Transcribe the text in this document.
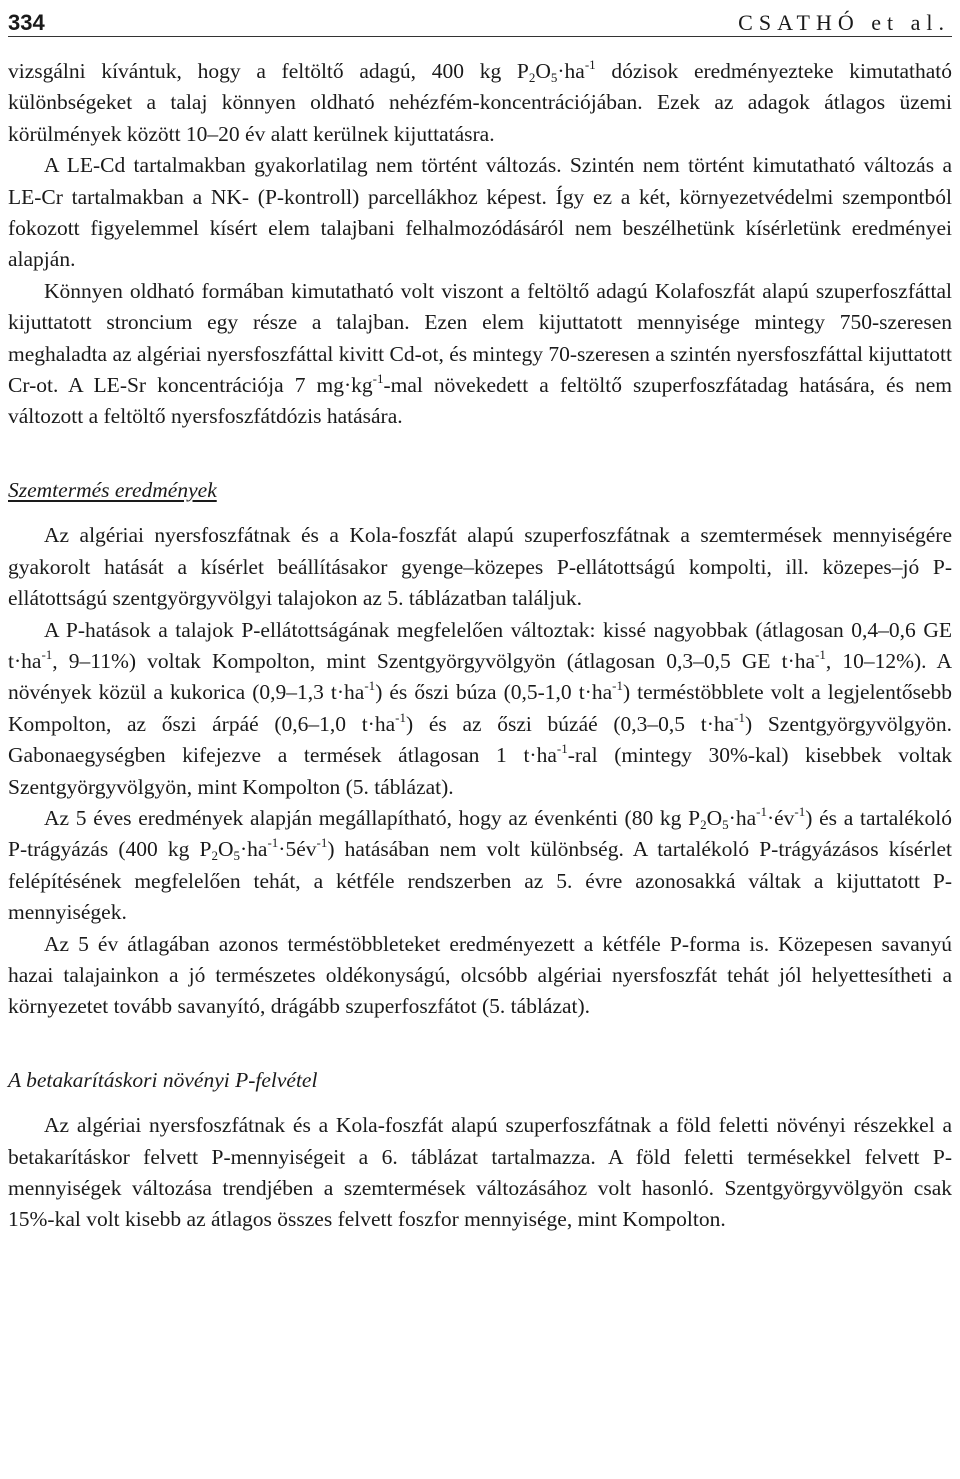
334	CSATHÓ et al.

vizsgálni kívántuk, hogy a feltöltő adagú, 400 kg $P_2O_5\cdot ha^{-1}$ dózisok eredményezteke kimutatható különbségeket a talaj könnyen oldható nehézfém-koncentrációjában. Ezek az adagok átlagos üzemi körülmények között 10–20 év alatt kerülnek kijuttatásra.

A LE-Cd tartalmakban gyakorlatilag nem történt változás. Szintén nem történt kimutatható változás a LE-Cr tartalmakban a NK- (P-kontroll) parcellákhoz képest. Így ez a két, környezetvédelmi szempontból fokozott figyelemmel kísért elem talajbani felhalmozódásáról nem beszélhetünk kísérletünk eredményei alapján.

Könnyen oldható formában kimutatható volt viszont a feltöltő adagú Kolafoszfát alapú szuperfoszfáttal kijuttatott stroncium egy része a talajban. Ezen elem kijuttatott mennyisége mintegy 750-szeresen meghaladta az algériai nyersfoszfáttal kivitt Cd-ot, és mintegy 70-szeresen a szintén nyersfoszfáttal kijuttatott Cr-ot. A LE-Sr koncentrációja 7 $mg\cdot kg^{-1}$-mal növekedett a feltöltő szuperfoszfátadag hatására, és nem változott a feltöltő nyersfoszfátdózis hatására.

Szemtermés eredmények

Az algériai nyersfoszfátnak és a Kola-foszfát alapú szuperfoszfátnak a szemtermések mennyiségére gyakorolt hatását a kísérlet beállításakor gyenge–közepes P-ellátottságú kompolti, ill. közepes–jó P-ellátottságú szentgyörgyvölgyi talajokon az 5. táblázatban találjuk.

A P-hatások a talajok P-ellátottságának megfelelően változtak: kissé nagyobbak (átlagosan 0,4–0,6 GE $t\cdot ha^{-1}$, 9–11%) voltak Kompolton, mint Szentgyörgyvölgyön (átlagosan 0,3–0,5 GE $t\cdot ha^{-1}$, 10–12%). A növények közül a kukorica (0,9–1,3 $t\cdot ha^{-1}$) és őszi búza (0,5-1,0 $t\cdot ha^{-1}$) terméstöbblete volt a legjelentősebb Kompolton, az őszi árpáé (0,6–1,0 $t\cdot ha^{-1}$) és az őszi búzáé (0,3–0,5 $t\cdot ha^{-1}$) Szentgyörgyvölgyön. Gabonaegységben kifejezve a termések átlagosan 1 $t\cdot ha^{-1}$-ral (mintegy 30%-kal) kisebbek voltak Szentgyörgyvölgyön, mint Kompolton (5. táblázat).

Az 5 éves eredmények alapján megállapítható, hogy az évenkénti (80 kg $P_2O_5\cdot ha^{-1}\cdot év^{-1}$) és a tartalékoló P-trágyázás (400 kg $P_2O_5\cdot ha^{-1}\cdot 5év^{-1}$) hatásában nem volt különbség. A tartalékoló P-trágyázásos kísérlet felépítésének megfelelően tehát, a kétféle rendszerben az 5. évre azonosakká váltak a kijuttatott P-mennyiségek.

Az 5 év átlagában azonos terméstöbbleteket eredményezett a kétféle P-forma is. Közepesen savanyú hazai talajainkon a jó természetes oldékonyságú, olcsóbb algériai nyersfoszfát tehát jól helyettesítheti a környezetet tovább savanyító, drágább szuperfoszfátot (5. táblázat).

A betakarításkori növényi P-felvétel

Az algériai nyersfoszfátnak és a Kola-foszfát alapú szuperfoszfátnak a föld feletti növényi részekkel a betakarításkor felvett P-mennyiségeit a 6. táblázat tartalmazza. A föld feletti termésekkel felvett P-mennyiségek változása trendjében a szemtermések változásához volt hasonló. Szentgyörgyvölgyön csak 15%-kal volt kisebb az átlagos összes felvett foszfor mennyisége, mint Kompolton.
